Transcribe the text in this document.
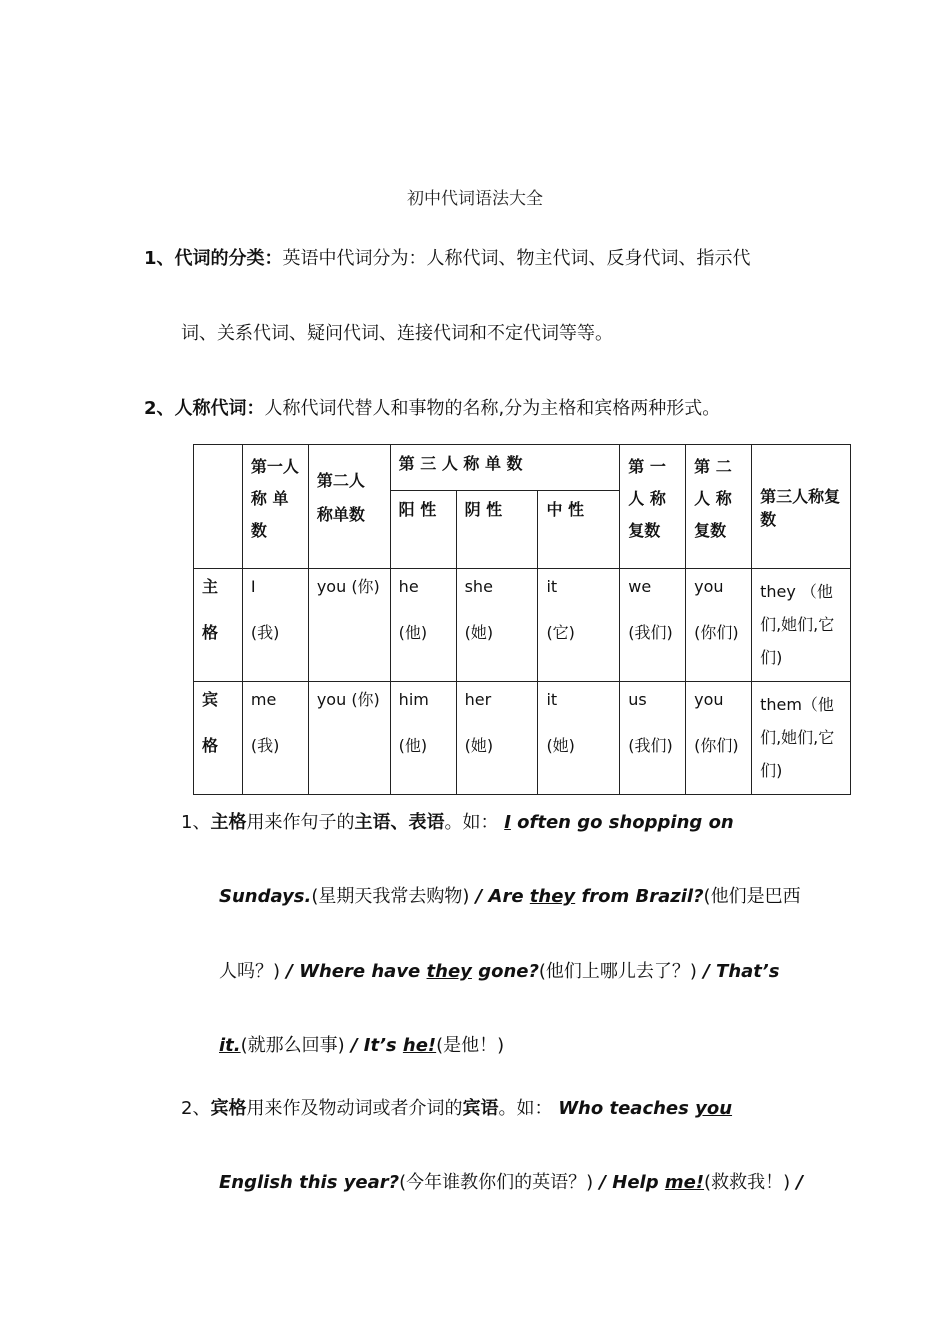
初中代词语法大全
1、代词的分类：英语中代词分为：人称代词、物主代词、反身代词、指示代
词、关系代词、疑问代词、连接代词和不定代词等等。
2、人称代词：人称代词代替人和事物的名称,分为主格和宾格两种形式。

	第一人
称 单
数	第二人
称单数	第 三 人 称 单 数			第 一
人 称
复数	第 二
人 称
复数	第三人称复数
			阳 性	阴 性	中 性			

主
格	I
(我)	you (你)	he
(他)	she
(她)	it
(它)	we
(我们)	you
(你们)	they （他
们,她们,它
们)

宾
格	me
(我)	you (你)	him
(他)	her
(她)	it
(她)	us
(我们)	you
(你们)	them（他
们,她们,它
们)
1、主格用来作句子的主语、表语。如： I often go shopping on
Sundays.(星期天我常去购物) / Are they from Brazil?(他们是巴西
人吗？) / Where have they gone?(他们上哪儿去了？) / That’s
it.(就那么回事) / It’s he!(是他！)
2、宾格用来作及物动词或者介词的宾语。如： Who teaches you
English this year?(今年谁教你们的英语？) / Help me!(救救我！) /
